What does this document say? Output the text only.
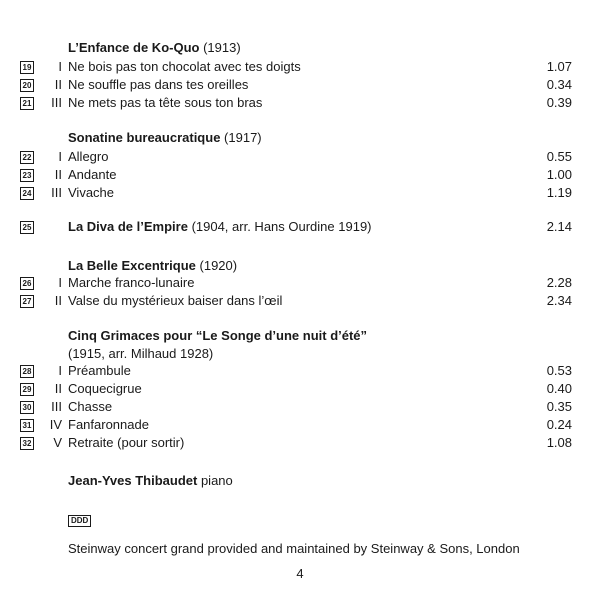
L’Enfance de Ko-Quo (1913)
19	I Ne bois pas ton chocolat avec tes doigts	1.07
20	II Ne souffle pas dans tes oreilles	0.34
21	III Ne mets pas ta tête sous ton bras	0.39
Sonatine bureaucratique (1917)
22	I Allegro	0.55
23	II Andante	1.00
24	III Vivache	1.19
25	La Diva de l’Empire (1904, arr. Hans Ourdine 1919)	2.14
La Belle Excentrique (1920)
26	I Marche franco-lunaire	2.28
27	II Valse du mystérieux baiser dans l’œil	2.34
Cinq Grimaces pour “Le Songe d’une nuit d’été”
(1915, arr. Milhaud 1928)
28	I Préambule	0.53
29	II Coquecigrue	0.40
30	III Chasse	0.35
31	IV Fanfaronnade	0.24
32	V Retraite (pour sortir)	1.08
Jean-Yves Thibaudet piano
DDD
Steinway concert grand provided and maintained by Steinway & Sons, London
4
